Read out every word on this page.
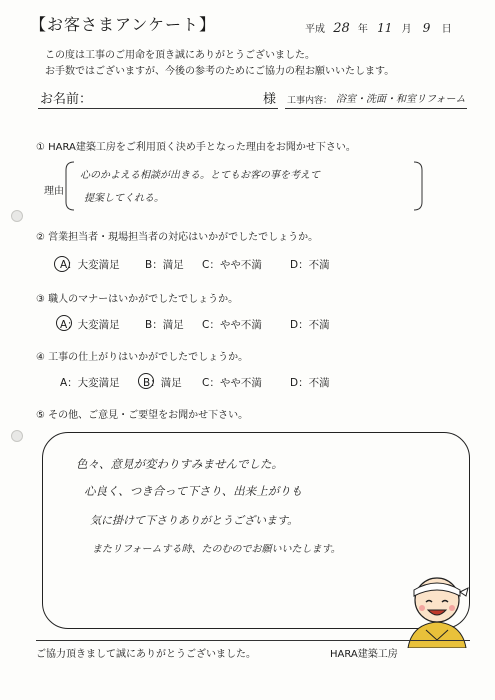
【お客さまアンケート】	平成 28 年 11 月 9 日
この度は工事のご用命を頂き誠にありがとうございました。
お手数ではございますが、今後の参考のためにご協力の程お願いいたします。
お名前：	様 工事内容： 浴室・洗面・和室リフォーム
① HARA建築工房をご利用頂く決め手となった理由をお聞かせ下さい。
理由
心のかよえる相談が出きる。とてもお客の事を考えて
提案してくれる。
② 営業担当者・現場担当者の対応はいかがでしたでしょうか。
A：大変満足 B：満足 C：やや不満	D：不満
③ 職人のマナーはいかがでしたでしょうか。
A：大変満足 B：満足 C：やや不満	D：不満
④ 工事の仕上がりはいかがでしたでしょうか。
A：大変満足 B：満足 C：やや不満	D：不満
⑤ その他、ご意見・ご要望をお聞かせ下さい。
色々、意見が変わりすみませんでした。
心良く、つき合って下さり、出来上がりも
気に掛けて下さりありがとうございます。
またリフォームする時、たのむのでお願いいたします。
ご協力頂きまして誠にありがとうございました。	HARA建築工房
